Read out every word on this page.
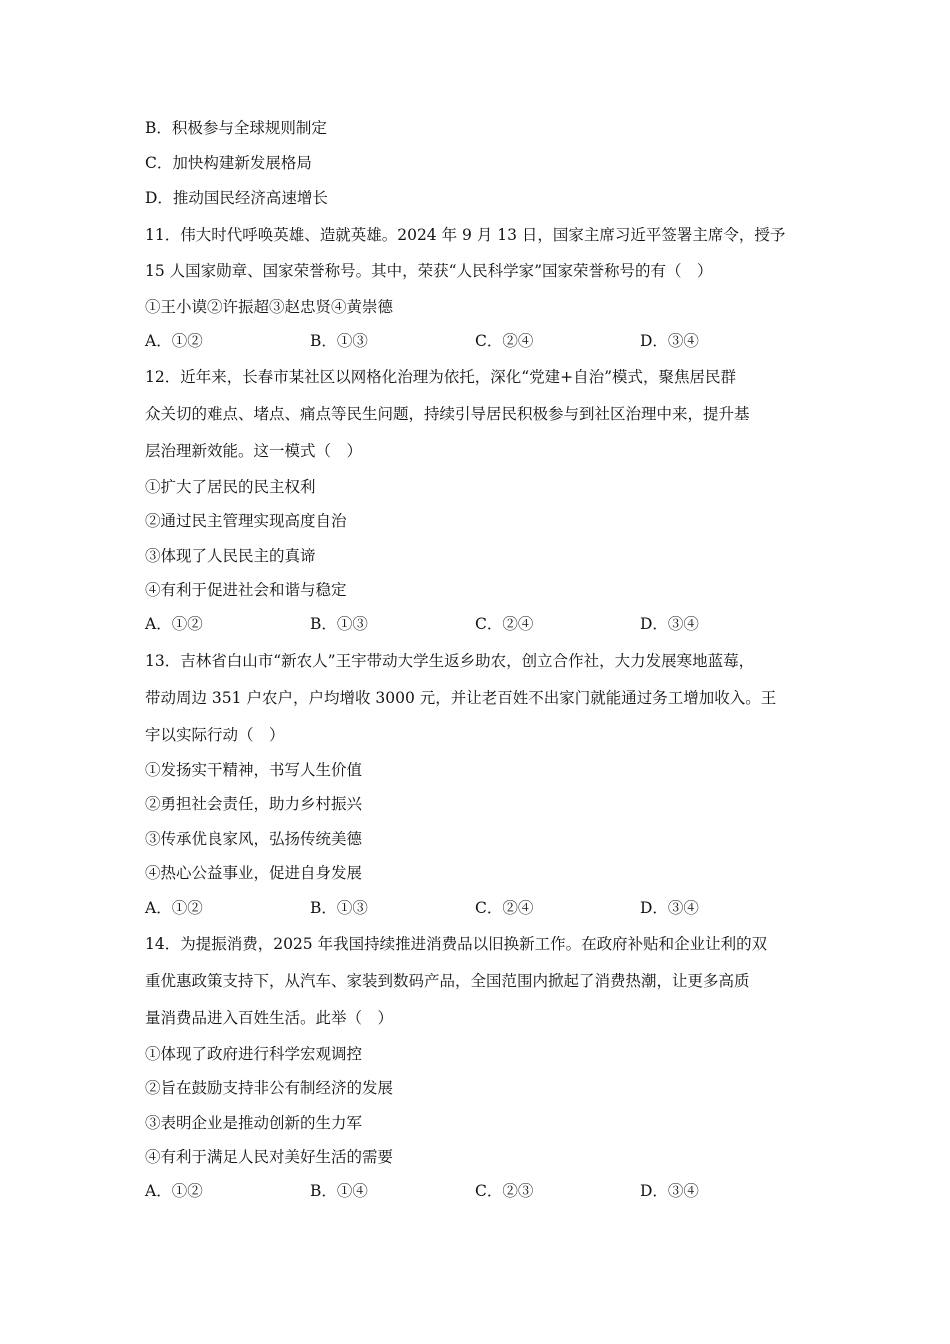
B．积极参与全球规则制定
C．加快构建新发展格局
D．推动国民经济高速增长
11．伟大时代呼唤英雄、造就英雄。2024 年 9 月 13 日，国家主席习近平签署主席令，授予
15 人国家勋章、国家荣誉称号。其中，荣获“人民科学家”国家荣誉称号的有（　）
①王小谟②许振超③赵忠贤④黄崇德
A．①②	B．①③	C．②④	D．③④
12．近年来，长春市某社区以网格化治理为依托，深化“党建+自治”模式，聚焦居民群
众关切的难点、堵点、痛点等民生问题，持续引导居民积极参与到社区治理中来，提升基
层治理新效能。这一模式（　）
①扩大了居民的民主权利
②通过民主管理实现高度自治
③体现了人民民主的真谛
④有利于促进社会和谐与稳定
A．①②	B．①③	C．②④	D．③④
13．吉林省白山市“新农人”王宇带动大学生返乡助农，创立合作社，大力发展寒地蓝莓，
带动周边 351 户农户，户均增收 3000 元，并让老百姓不出家门就能通过务工增加收入。王
宇以实际行动（　）
①发扬实干精神，书写人生价值
②勇担社会责任，助力乡村振兴
③传承优良家风，弘扬传统美德
④热心公益事业，促进自身发展
A．①②	B．①③	C．②④	D．③④
14．为提振消费，2025 年我国持续推进消费品以旧换新工作。在政府补贴和企业让利的双
重优惠政策支持下，从汽车、家装到数码产品，全国范围内掀起了消费热潮，让更多高质
量消费品进入百姓生活。此举（　）
①体现了政府进行科学宏观调控
②旨在鼓励支持非公有制经济的发展
③表明企业是推动创新的生力军
④有利于满足人民对美好生活的需要
A．①②	B．①④	C．②③	D．③④
